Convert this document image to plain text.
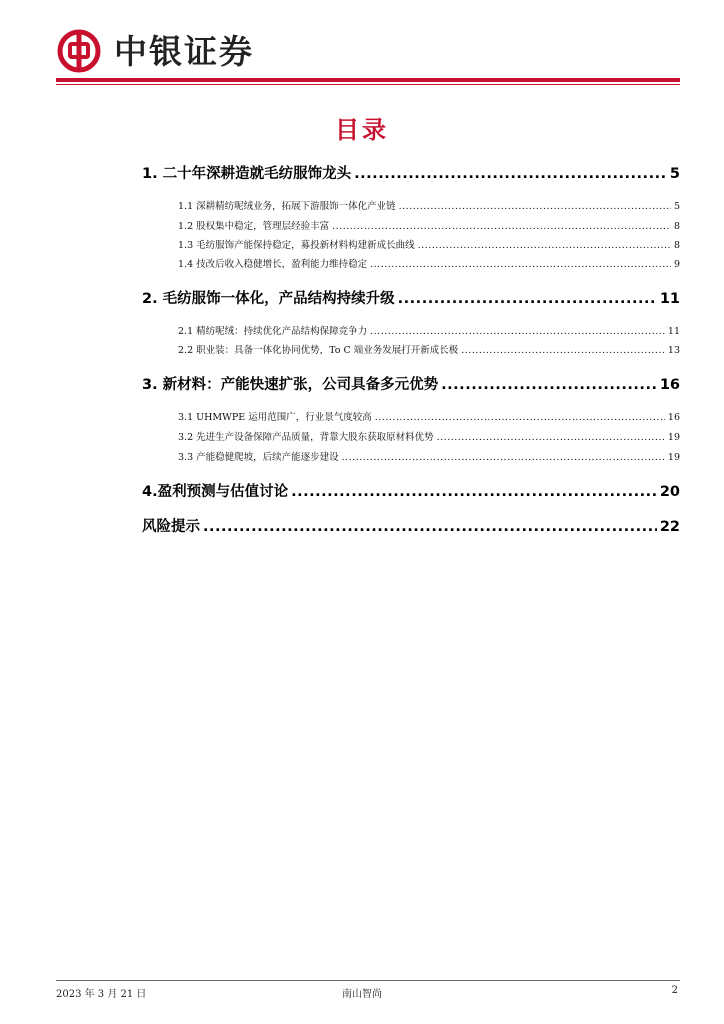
中银证券
目录
1. 二十年深耕造就毛纺服饰龙头 .....	5
1.1 深耕精纺呢绒业务，拓展下游服饰一体化产业链 .....	5
1.2 股权集中稳定，管理层经验丰富 .....	8
1.3 毛纺服饰产能保持稳定，募投新材料构建新成长曲线 .....	8
1.4 技改后收入稳健增长，盈利能力维持稳定 .....	9
2. 毛纺服饰一体化，产品结构持续升级 .....	11
2.1 精纺呢绒：持续优化产品结构保障竞争力 .....	11
2.2 职业装：具备一体化协同优势，To C 端业务发展打开新成长极 .....	13
3. 新材料：产能快速扩张，公司具备多元优势 .....	16
3.1 UHMWPE 运用范围广，行业景气度较高 .....	16
3.2 先进生产设备保障产品质量，背靠大股东获取原材料优势 .....	19
3.3 产能稳健爬坡，后续产能逐步建设 .....	19
4.盈利预测与估值讨论 .....	20
风险提示 .....	22
2023 年 3 月 21 日	南山智尚	2
